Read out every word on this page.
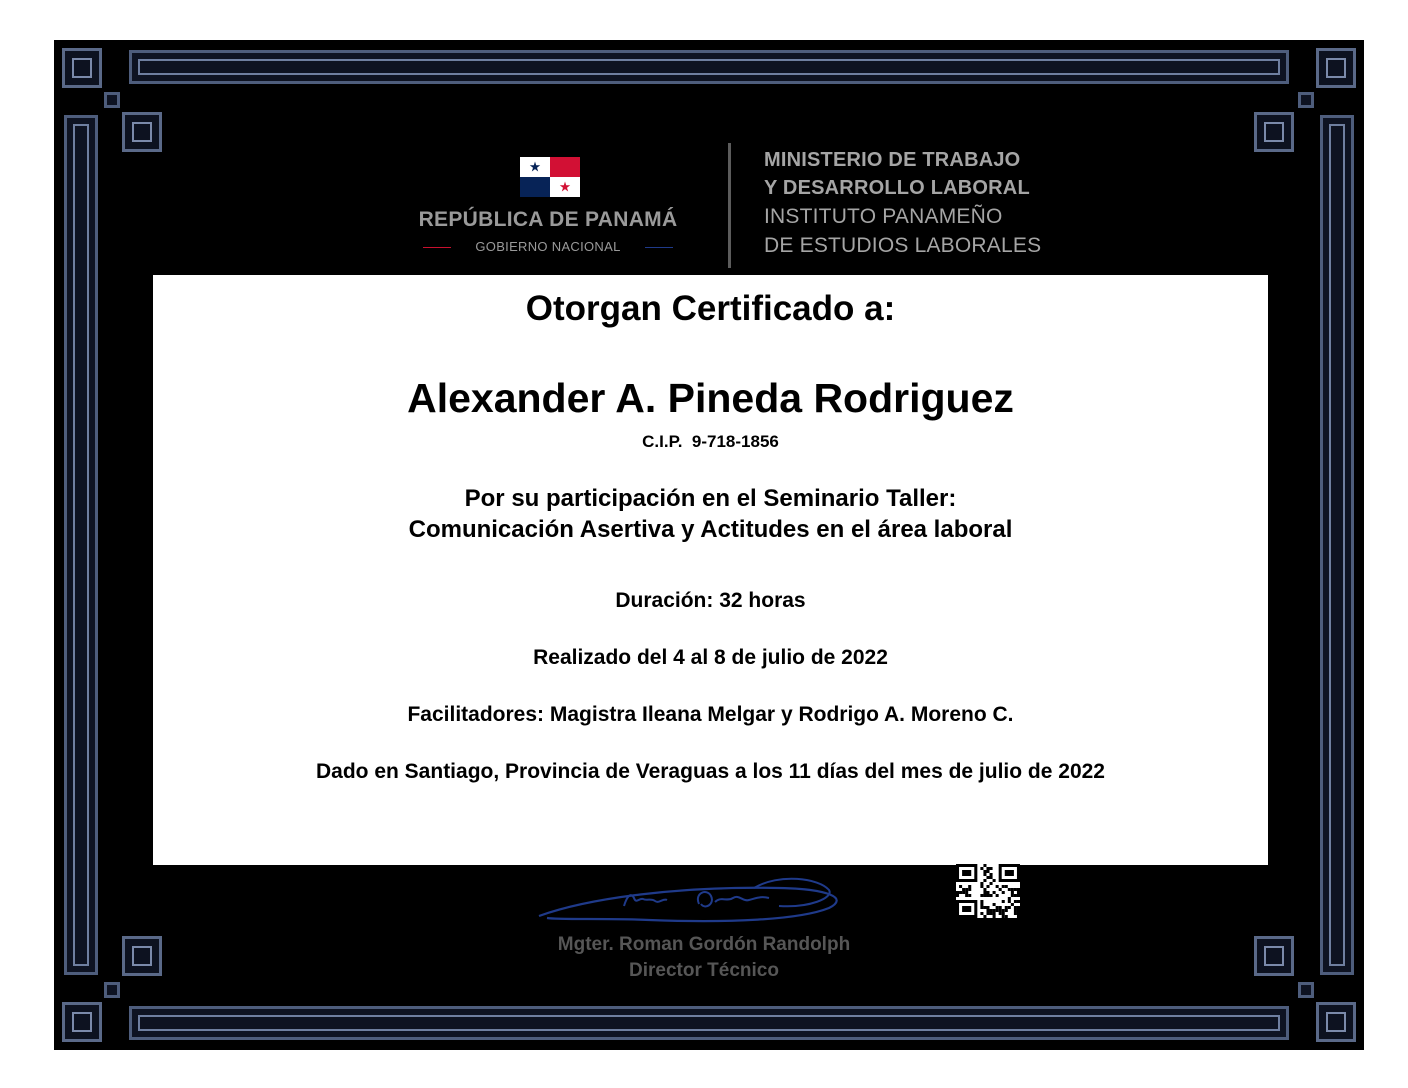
REPÚBLICA DE PANAMÁ
GOBIERNO NACIONAL
MINISTERIO DE TRABAJO
Y DESARROLLO LABORAL
INSTITUTO PANAMEÑO
DE ESTUDIOS LABORALES
Otorgan Certificado a:
Alexander A. Pineda Rodriguez
C.I.P.  9-718-1856
Por su participación en el Seminario Taller:
Comunicación Asertiva y Actitudes en el área laboral
Duración: 32 horas
Realizado del 4 al 8 de julio de 2022
Facilitadores: Magistra Ileana Melgar y Rodrigo A. Moreno C.
Dado en Santiago, Provincia de Veraguas a los 11 días del mes de julio de 2022
Mgter. Roman Gordón Randolph
Director Técnico
